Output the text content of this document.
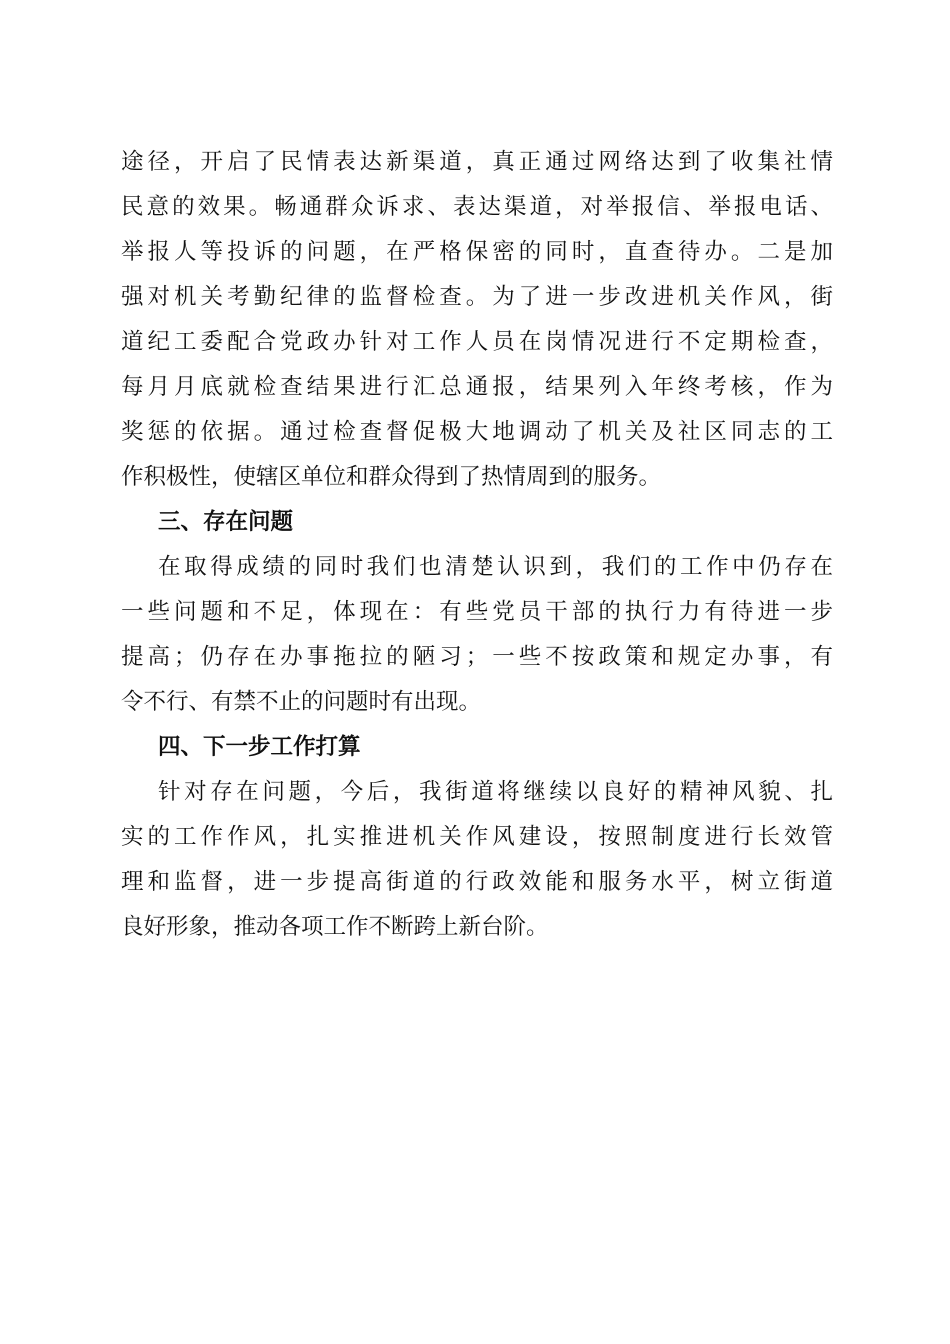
途径，开启了民情表达新渠道，真正通过网络达到了收集社情
民意的效果。畅通群众诉求、表达渠道，对举报信、举报电话、
举报人等投诉的问题，在严格保密的同时，直查待办。二是加
强对机关考勤纪律的监督检查。为了进一步改进机关作风，街
道纪工委配合党政办针对工作人员在岗情况进行不定期检查，
每月月底就检查结果进行汇总通报，结果列入年终考核，作为
奖惩的依据。通过检查督促极大地调动了机关及社区同志的工
作积极性，使辖区单位和群众得到了热情周到的服务。
三、存在问题
在取得成绩的同时我们也清楚认识到，我们的工作中仍存在
一些问题和不足，体现在：有些党员干部的执行力有待进一步
提高；仍存在办事拖拉的陋习；一些不按政策和规定办事，有
令不行、有禁不止的问题时有出现。
四、下一步工作打算
针对存在问题，今后，我街道将继续以良好的精神风貌、扎
实的工作作风，扎实推进机关作风建设，按照制度进行长效管
理和监督，进一步提高街道的行政效能和服务水平，树立街道
良好形象，推动各项工作不断跨上新台阶。
